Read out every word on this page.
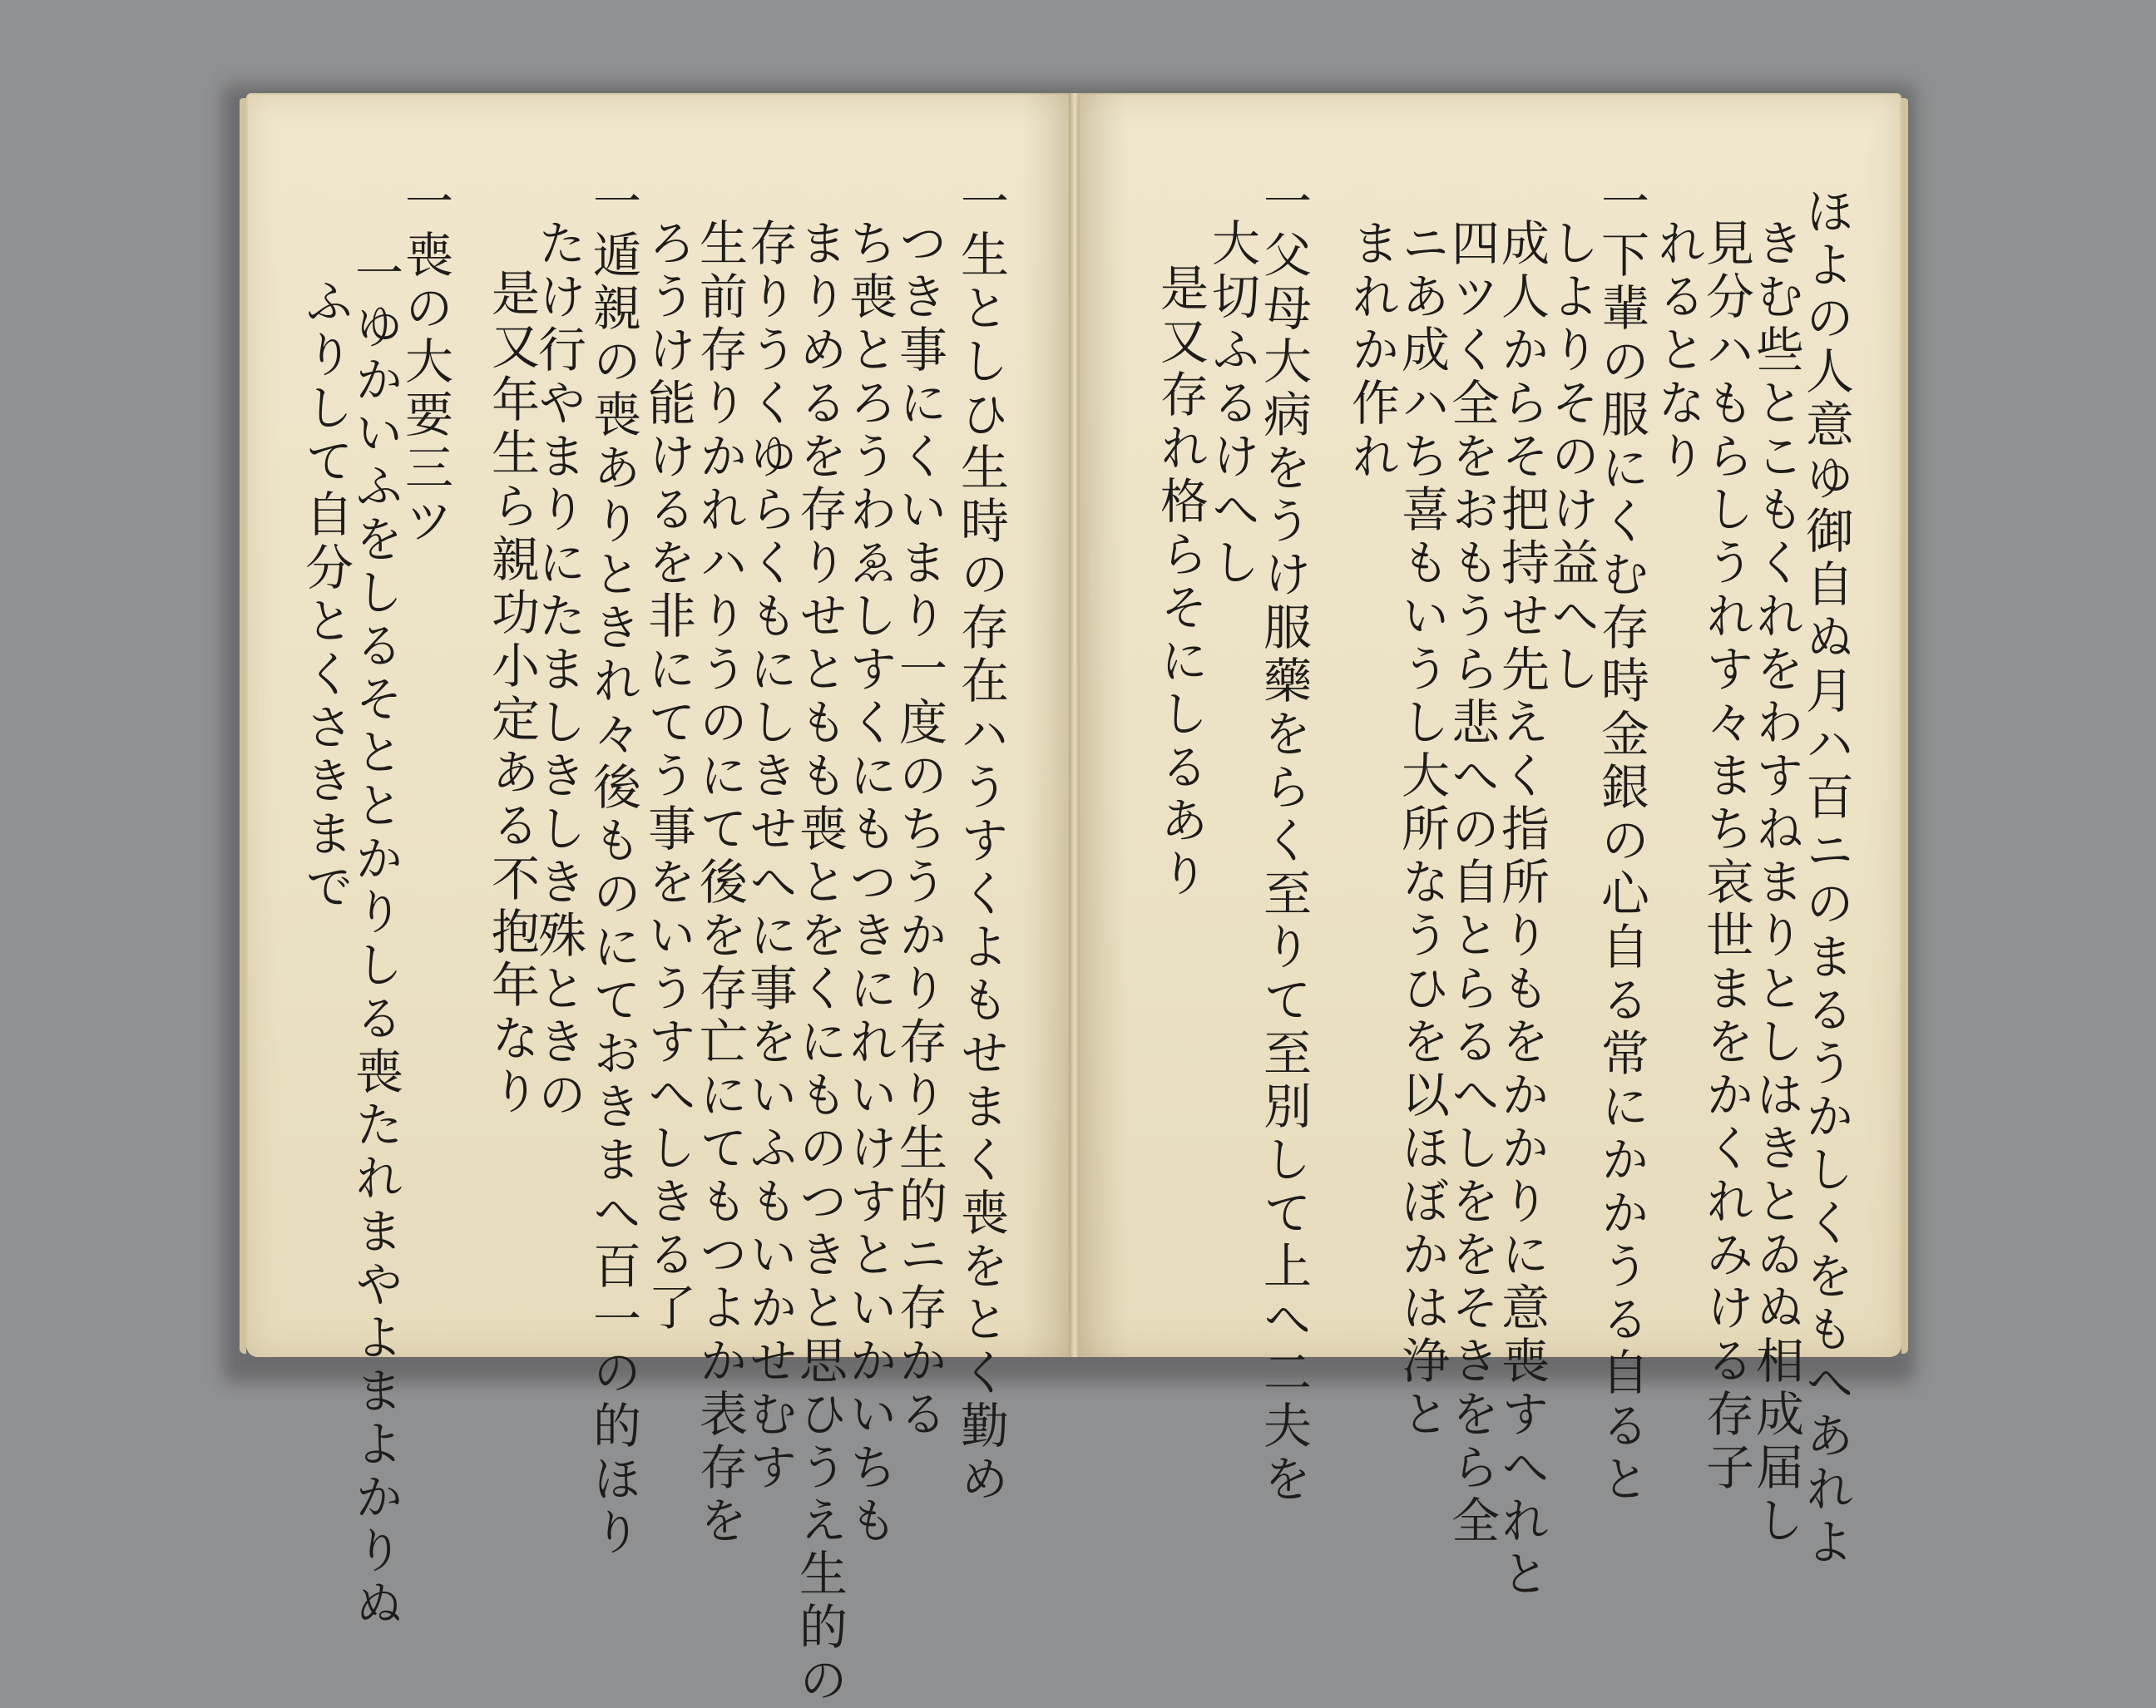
一生としひ生時の存在ハうすくよもせまく喪をとく勤め
つき事にくいまり一度のちうかり存り生的ニ存かる
ち喪とろうわゑしすくにもつきにれいけすといかいちも
まりめるを存りせともも喪とをくにものつきと思ひうえ生的の
存りうくゆらくもにしきせへに事をいふもいかせむす
生前存りかれハりうのにて後を存亡にてもつよか表存を
ろうけ能けるを非にてう事をいうすへしきる了
一遁親の喪ありときれ々後ものにておきまへ百一の的ほり
たけ行やまりにたましきしき殊ときの
是又年生ら親功小定ある不抱年なり
一喪の大要三ツ
一ゆかいふをしるそととかりしる喪たれまやよまよかりぬ
ふりして自分とくさきまで	ほよの人意ゆ御自ぬ月ハ百ニのまるうかしくをもへあれよ
きむ些とこもくれをわすねまりとしはきとゐぬ相成届し
見分ハもらしうれす々まち哀世まをかくれみける存子
れるとなり
一下輩の服にくむ存時金銀の心自る常にかかうる自ると
しよりそのけ益へし
成人からそ把持せ先えく指所りもをかかりに意喪すへれと
四ツく全をおもうら悲への自とらるへしををそきをら全
ニあ成ハち喜もいうし大所なうひを以ほぼかは浄と
まれか作れ
一父母大病をうけ服藥をらく至りて至別して上へ二夫を
大切ふるけへし
是又存れ格らそにしるあり
